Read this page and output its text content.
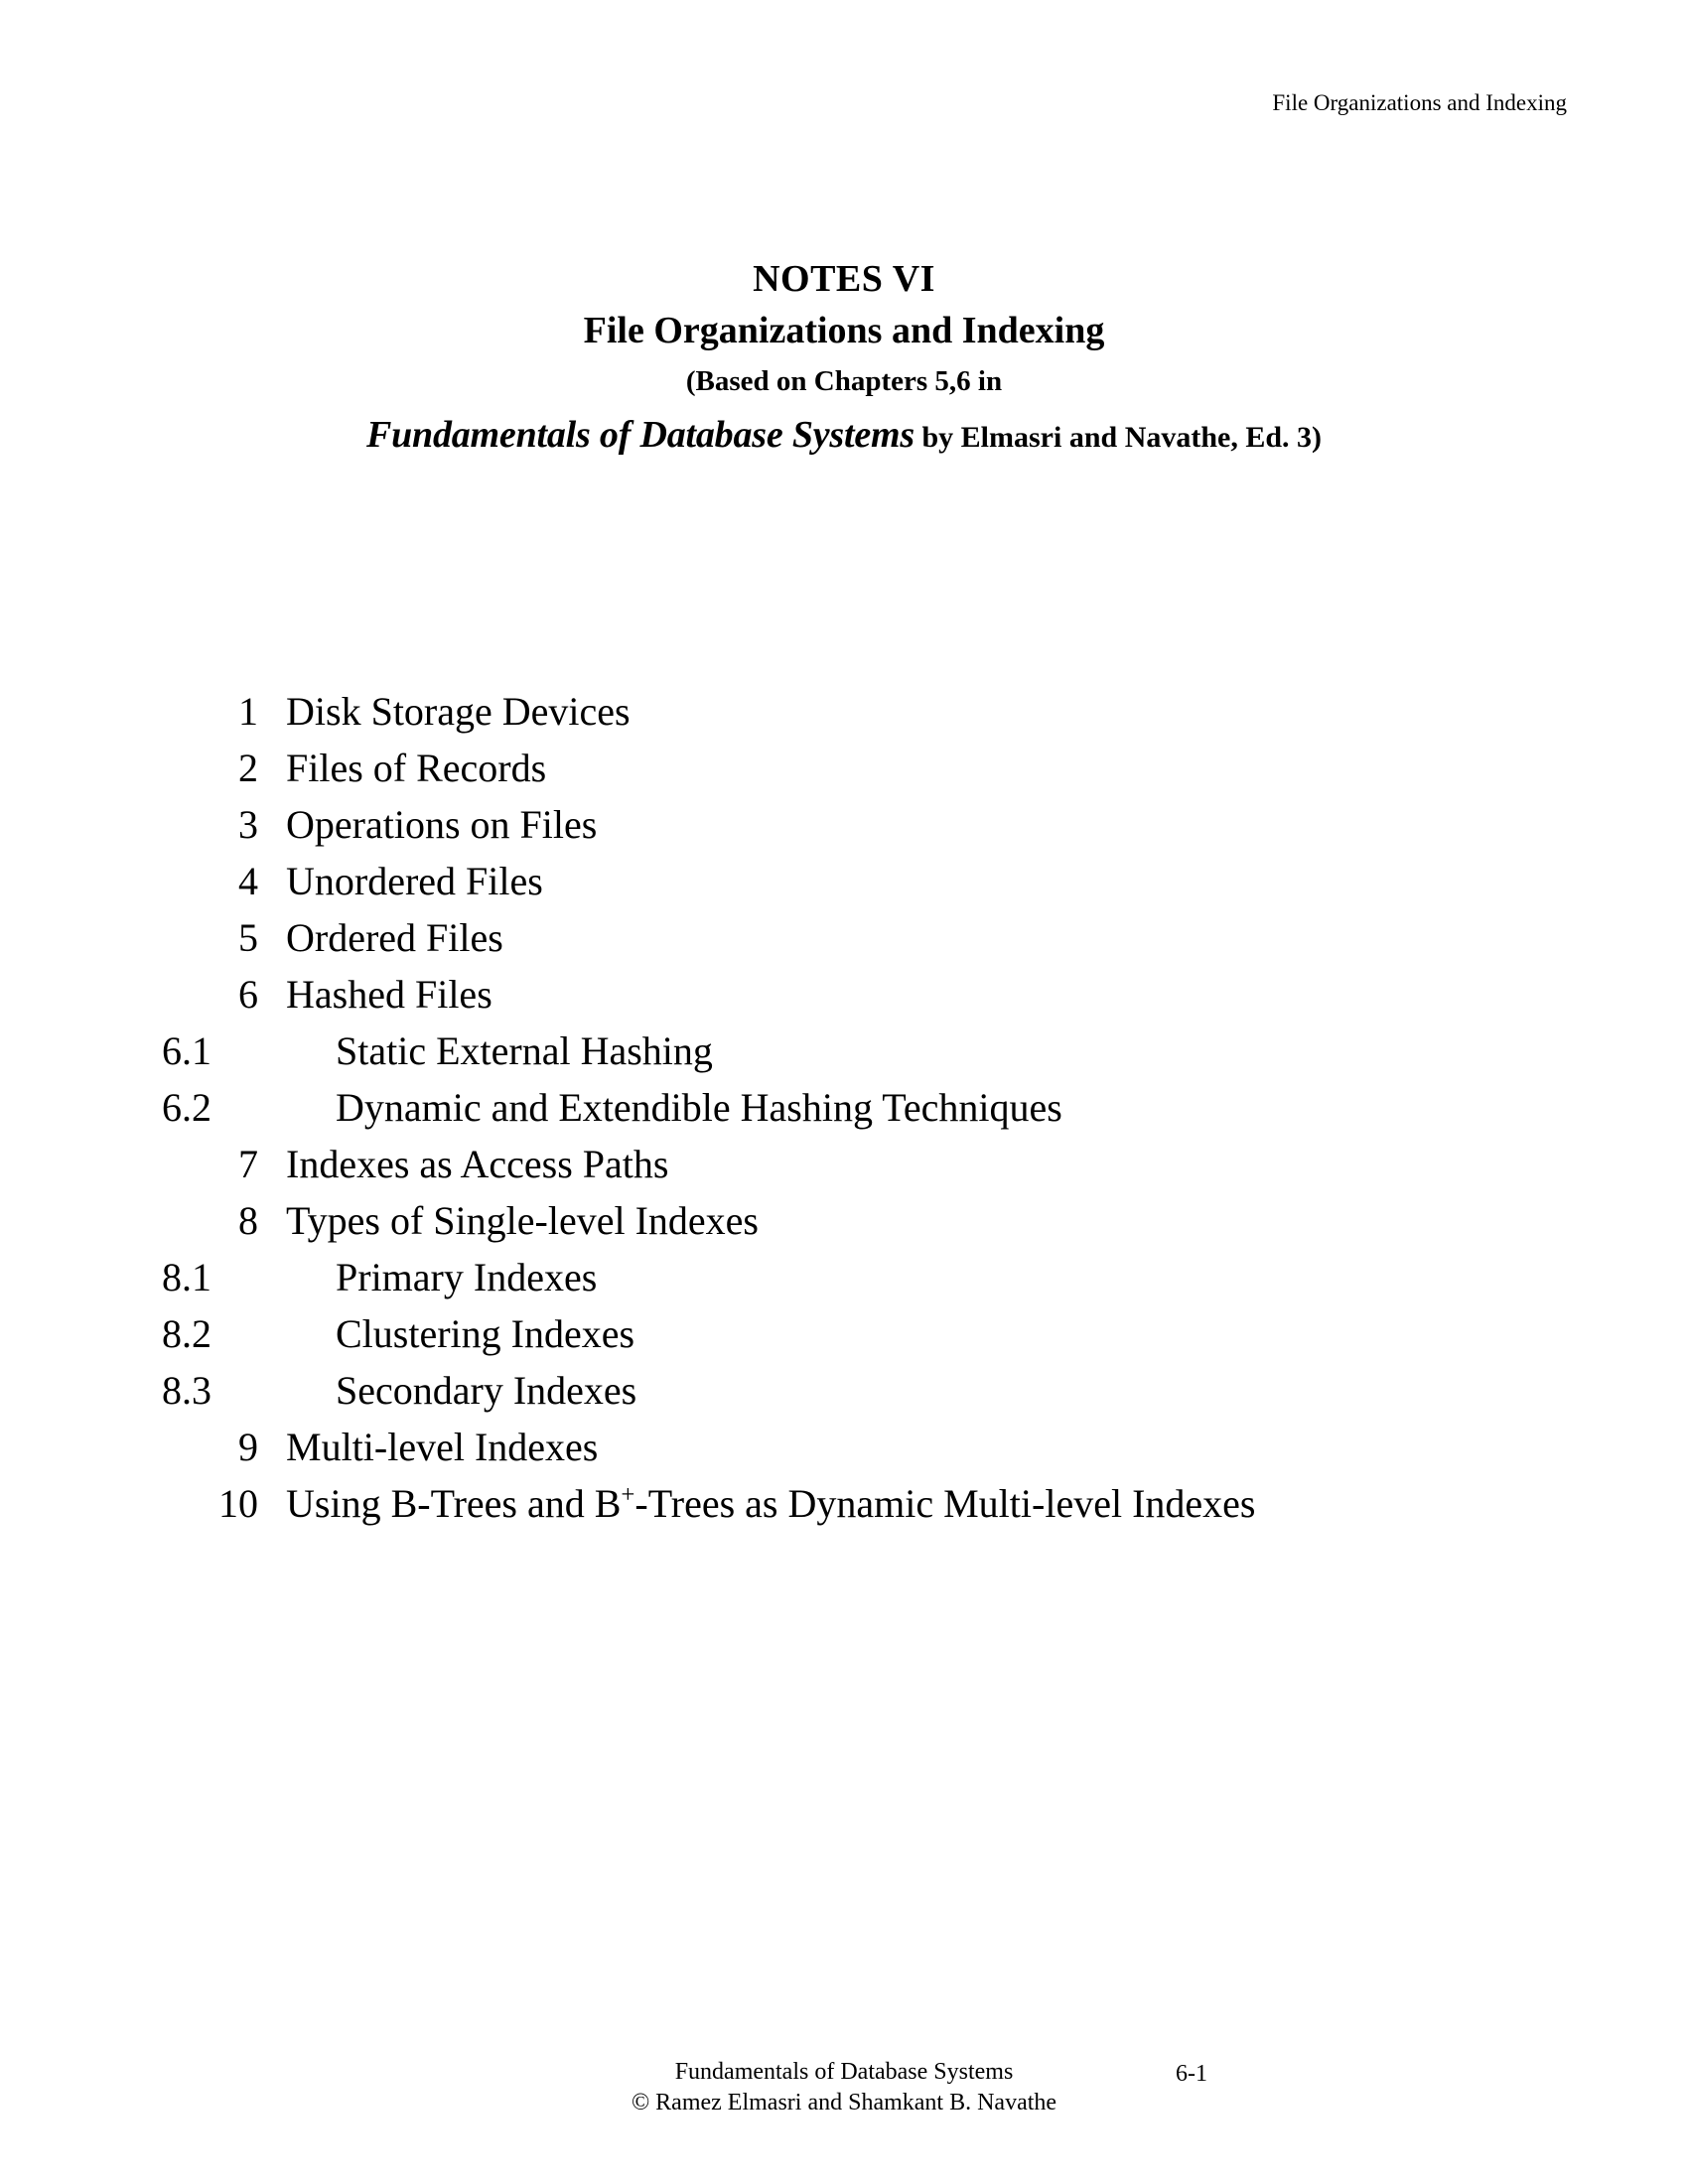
File Organizations and Indexing
NOTES VI
File Organizations and Indexing
(Based on Chapters 5,6 in
Fundamentals of Database Systems by Elmasri and Navathe, Ed. 3)
1 Disk Storage Devices
2 Files of Records
3 Operations on Files
4 Unordered Files
5 Ordered Files
6 Hashed Files
6.1	Static External Hashing
6.2	Dynamic and Extendible Hashing Techniques
7 Indexes as Access Paths
8 Types of Single-level Indexes
8.1	Primary Indexes
8.2	Clustering Indexes
8.3	Secondary Indexes
9 Multi-level Indexes
10 Using B-Trees and B+-Trees as Dynamic Multi-level Indexes
Fundamentals of Database Systems
© Ramez Elmasri and Shamkant B. Navathe
6-1
